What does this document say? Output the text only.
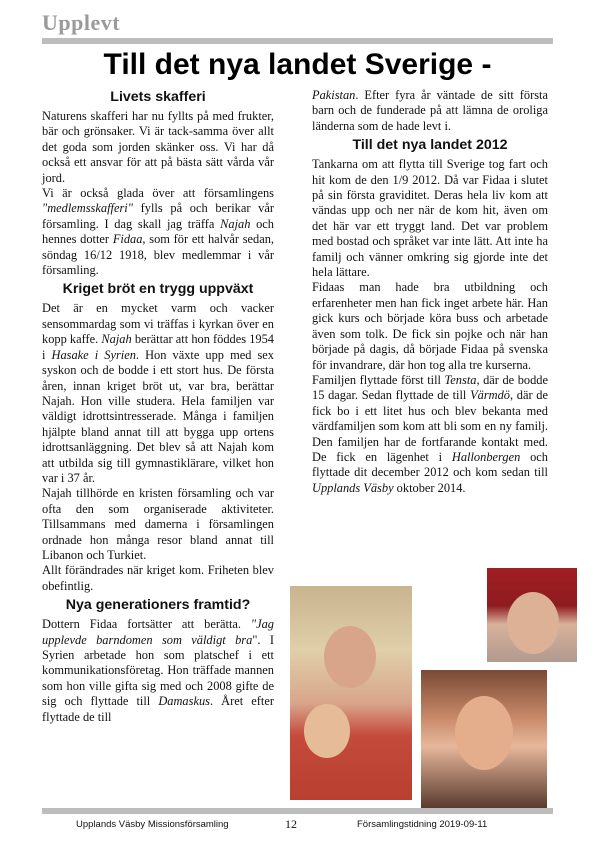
Upplevt
Till det nya landet Sverige -
Livets skafferi

Naturens skafferi har nu fyllts på med frukter, bär och grönsaker. Vi är tack-samma över allt det goda som jorden skänker oss. Vi har då också ett ansvar för att på bästa sätt vårda vår jord.

Vi är också glada över att församlingens "medlemsskafferi" fylls på och berikar vår församling. I dag skall jag träffa Najah och hennes dotter Fidaa, som för ett halvår sedan, söndag 16/12 1918, blev medlemmar i vår församling.

Kriget bröt en trygg uppväxt

Det är en mycket varm och vacker sensommardag som vi träffas i kyrkan över en kopp kaffe. Najah berättar att hon föddes 1954 i Hasake i Syrien. Hon växte upp med sex syskon och de bodde i ett stort hus. De första åren, innan kriget bröt ut, var bra, berättar Najah. Hon ville studera. Hela familjen var väldigt idrottsintresserade. Många i familjen hjälpte bland annat till att bygga upp ortens idrottsanläggning. Det blev så att Najah kom att utbilda sig till gymnastiklärare, vilket hon var i 37 år.

Najah tillhörde en kristen församling och var ofta den som organiserade aktiviteter. Tillsammans med damerna i församlingen ordnade hon många resor bland annat till Libanon och Turkiet.

Allt förändrades när kriget kom. Friheten blev obefintlig.

Nya generationers framtid?

Dottern Fidaa fortsätter att berätta. "Jag upplevde barndomen som väldigt bra". I Syrien arbetade hon som platschef i ett kommunikationsföretag. Hon träffade mannen som hon ville gifta sig med och 2008 gifte de sig och flyttade till Damaskus. Året efter flyttade de till

Pakistan. Efter fyra år väntade de sitt första barn och de funderade på att lämna de oroliga länderna som de hade levt i.

Till det nya landet 2012

Tankarna om att flytta till Sverige tog fart och hit kom de den 1/9 2012. Då var Fidaa i slutet på sin första graviditet. Deras hela liv kom att vändas upp och ner när de kom hit, även om det här var ett tryggt land. Det var problem med bostad och språket var inte lätt. Att inte ha familj och vänner omkring sig gjorde inte det hela lättare.

Fidaas man hade bra utbildning och erfarenheter men han fick inget arbete här. Han gick kurs och började köra buss och arbetade även som tolk. De fick sin pojke och när han började på dagis, då började Fidaa på svenska för invandrare, där hon tog alla tre kurserna.

Familjen flyttade först till Tensta, där de bodde 15 dagar. Sedan flyttade de till Värmdö, där de fick bo i ett litet hus och blev bekanta med värdfamiljen som kom att bli som en ny familj. Den familjen har de fortfarande kontakt med. De fick en lägenhet i Hallonbergen och flyttade dit december 2012 och kom sedan till Upplands Väsby oktober 2014.

Upplands Väsby Missionsförsamling	12	Församlingstidning 2019-09-11
